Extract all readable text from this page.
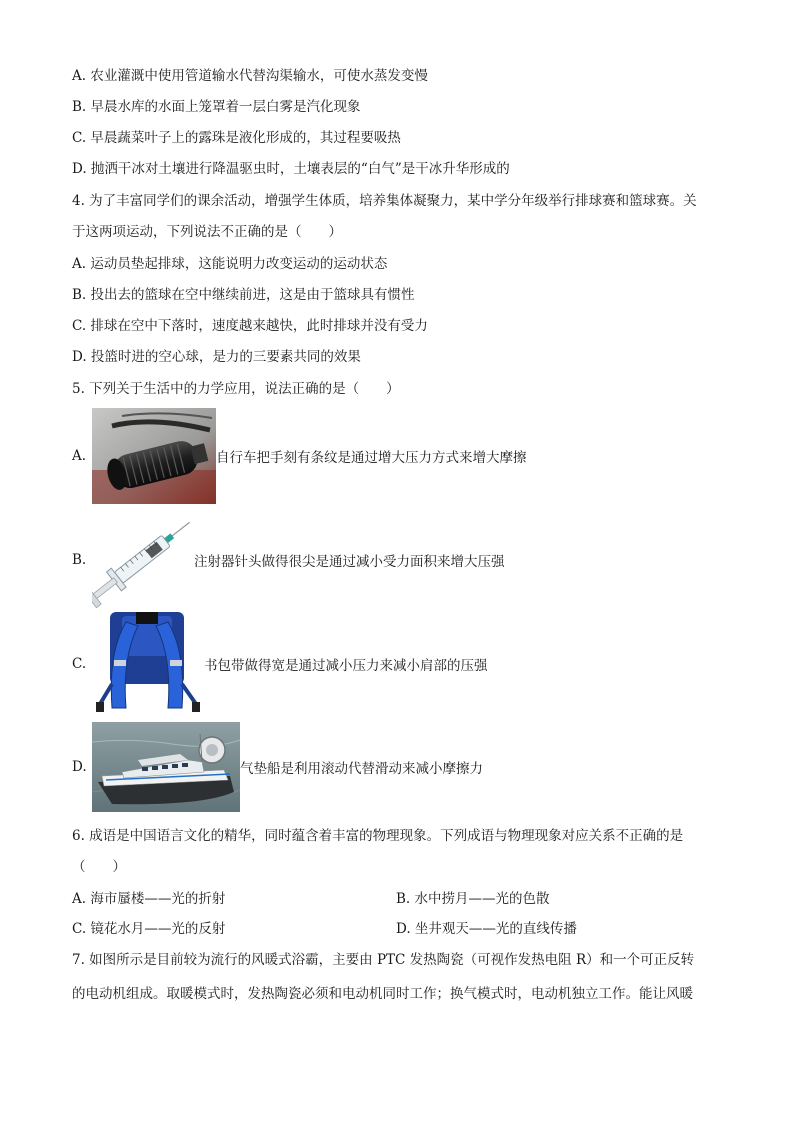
A. 农业灌溉中使用管道输水代替沟渠输水，可使水蒸发变慢
B. 早晨水库的水面上笼罩着一层白雾是汽化现象
C. 早晨蔬菜叶子上的露珠是液化形成的，其过程要吸热
D. 抛洒干冰对土壤进行降温驱虫时，土壤表层的“白气”是干冰升华形成的
4. 为了丰富同学们的课余活动，增强学生体质，培养集体凝聚力，某中学分年级举行排球赛和篮球赛。关
于这两项运动，下列说法不正确的是（　　）
A. 运动员垫起排球，这能说明力改变运动的运动状态
B. 投出去的篮球在空中继续前进，这是由于篮球具有惯性
C. 排球在空中下落时，速度越来越快，此时排球并没有受力
D. 投篮时进的空心球，是力的三要素共同的效果
5. 下列关于生活中的力学应用，说法正确的是（　　）
A.	自行车把手刻有条纹是通过增大压力方式来增大摩擦
B.	注射器针头做得很尖是通过减小受力面积来增大压强
C.	书包带做得宽是通过减小压力来减小肩部的压强
D.	气垫船是利用滚动代替滑动来减小摩擦力
6. 成语是中国语言文化的精华，同时蕴含着丰富的物理现象。下列成语与物理现象对应关系不正确的是
（　　）
A. 海市蜃楼——光的折射	B. 水中捞月——光的色散
C. 镜花水月——光的反射	D. 坐井观天——光的直线传播
7. 如图所示是目前较为流行的风暖式浴霸，主要由 PTC 发热陶瓷（可视作发热电阻 R）和一个可正反转
的电动机组成。取暖模式时，发热陶瓷必须和电动机同时工作；换气模式时，电动机独立工作。能让风暖
